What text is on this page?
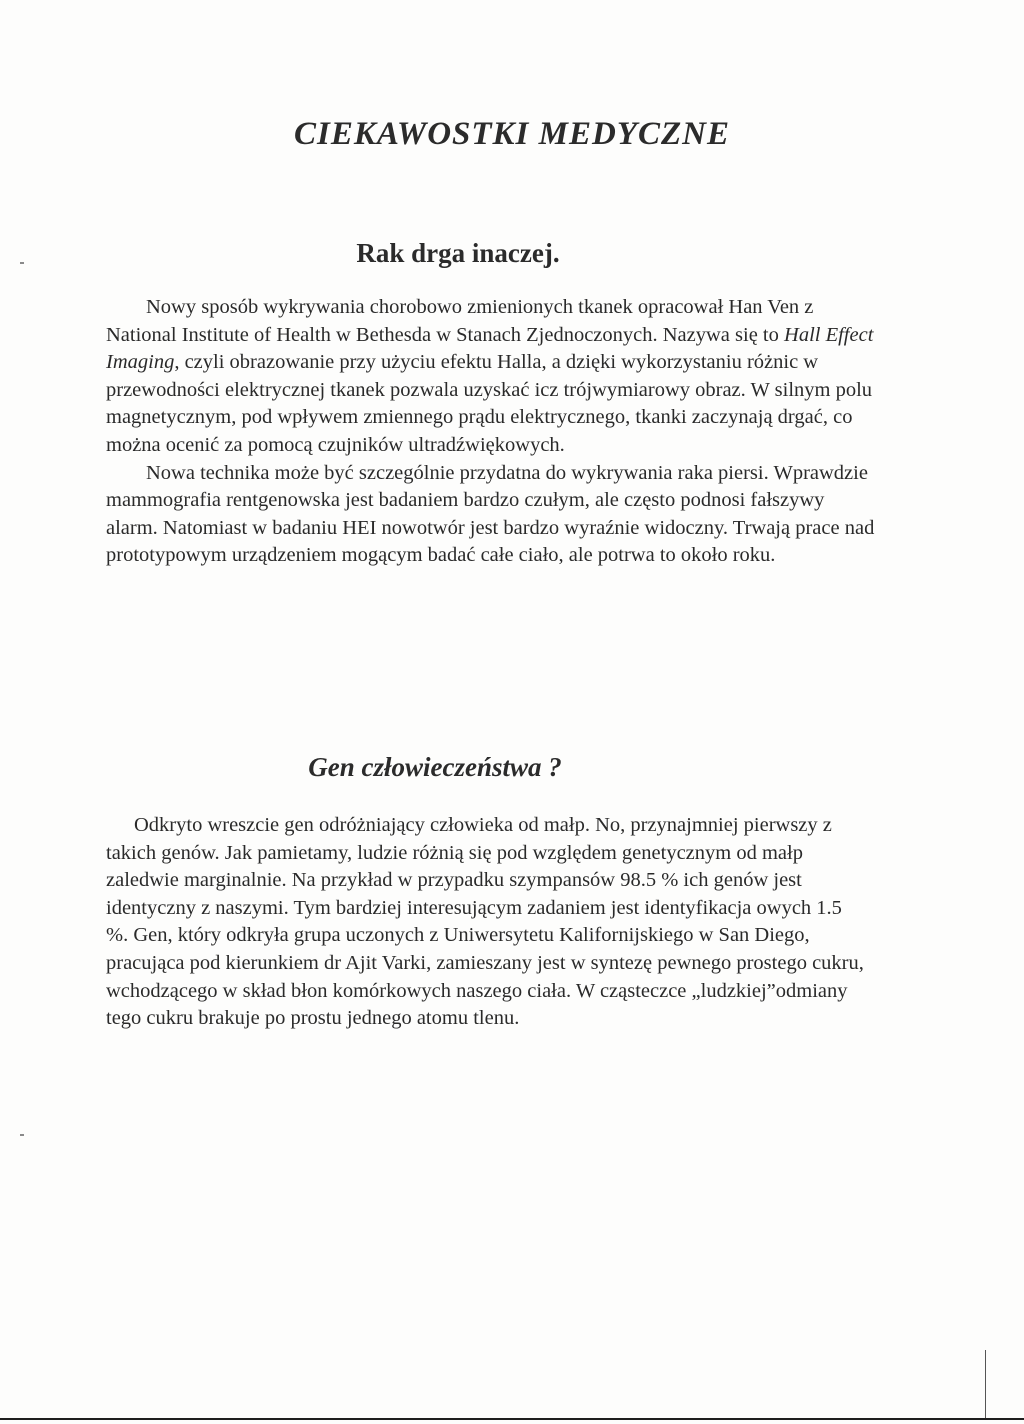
CIEKAWOSTKI MEDYCZNE
Rak drga inaczej.

Nowy sposób wykrywania chorobowo zmienionych tkanek opracował Han Ven z National Institute of Health w Bethesda w Stanach Zjednoczonych. Nazywa się to Hall Effect Imaging, czyli obrazowanie przy użyciu efektu Halla, a dzięki wykorzystaniu różnic w przewodności elektrycznej tkanek pozwala uzyskać icz trójwymiarowy obraz. W silnym polu magnetycznym, pod wpływem zmiennego prądu elektrycznego, tkanki zaczynają drgać, co można ocenić za pomocą czujników ultradźwiękowych.

Nowa technika może być szczególnie przydatna do wykrywania raka piersi. Wprawdzie mammografia rentgenowska jest badaniem bardzo czułym, ale często podnosi fałszywy alarm. Natomiast w badaniu HEI nowotwór jest bardzo wyraźnie widoczny. Trwają prace nad prototypowym urządzeniem mogącym badać całe ciało, ale potrwa to około roku.

Gen człowieczeństwa ?

Odkryto wreszcie gen odróżniający człowieka od małp. No, przynajmniej pierwszy z takich genów. Jak pamietamy, ludzie różnią się pod względem genetycznym od małp zaledwie marginalnie. Na przykład w przypadku szympansów 98.5 % ich genów jest identyczny z naszymi. Tym bardziej interesującym zadaniem jest identyfikacja owych 1.5 %. Gen, który odkryła grupa uczonych z Uniwersytetu Kalifornijskiego w San Diego, pracująca pod kierunkiem dr Ajit Varki, zamieszany jest w syntezę pewnego prostego cukru, wchodzącego w skład błon komórkowych naszego ciała. W cząsteczce „ludzkiej”odmiany tego cukru brakuje po prostu jednego atomu tlenu.
